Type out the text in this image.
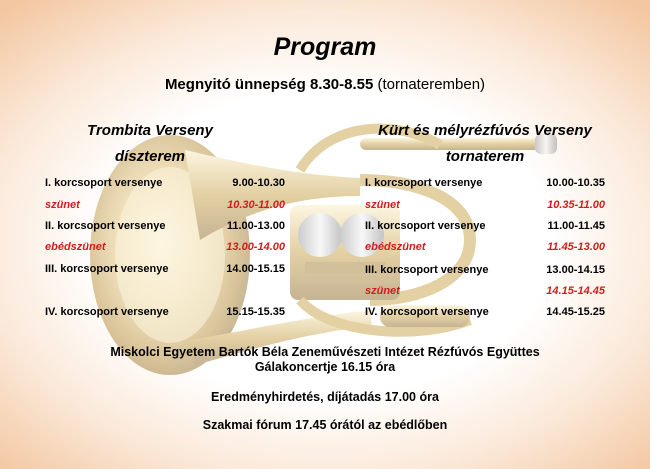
Program
Megnyitó ünnepség 8.30-8.55 (tornateremben)
Trombita Verseny
díszterem
I. korcsoport versenye	9.00-10.30
szünet	10.30-11.00
II. korcsoport versenye	11.00-13.00
ebédszünet	13.00-14.00
III. korcsoport versenye	14.00-15.15
IV. korcsoport versenye	15.15-15.35
Kürt és mélyrézfúvós Verseny
tornaterem
I. korcsoport versenye	10.00-10.35
szünet	10.35-11.00
II. korcsoport versenye	11.00-11.45
ebédszünet	11.45-13.00
III. korcsoport versenye	13.00-14.15
szünet	14.15-14.45
IV. korcsoport versenye	14.45-15.25
Miskolci Egyetem Bartók Béla Zeneművészeti Intézet Rézfúvós Együttes
Gálakoncertje 16.15 óra
Eredményhirdetés, díjátadás 17.00 óra
Szakmai fórum 17.45 órától az ebédlőben
